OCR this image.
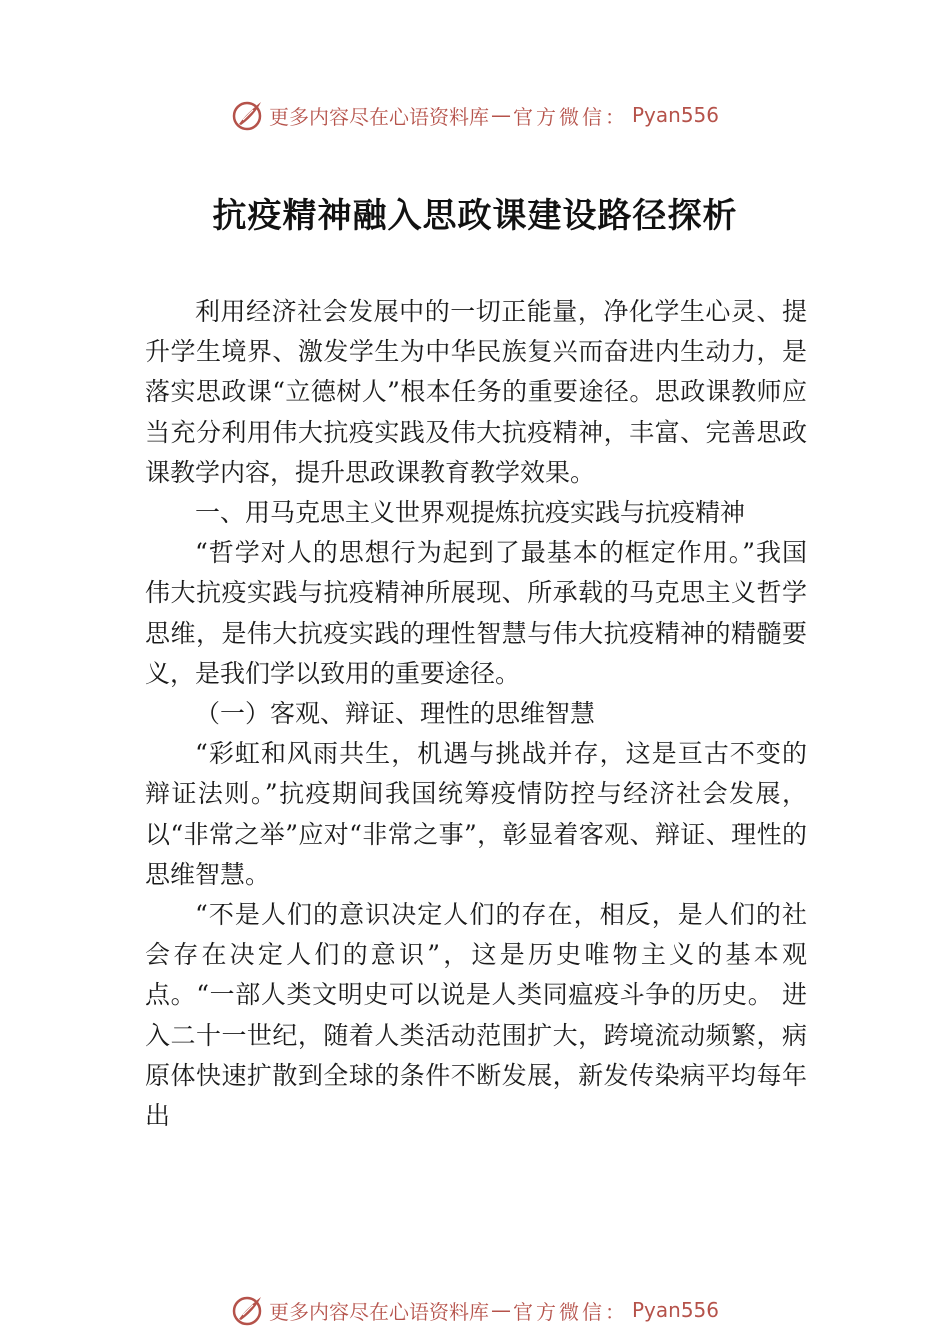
更多内容尽在心语资料库 — 官方微信： Pyan556
抗疫精神融入思政课建设路径探析

利用经济社会发展中的一切正能量，净化学生心灵、提升学生境界、激发学生为中华民族复兴而奋进内生动力，是落实思政课“立德树人”根本任务的重要途径。思政课教师应当充分利用伟大抗疫实践及伟大抗疫精神，丰富、完善思政课教学内容，提升思政课教育教学效果。

一、用马克思主义世界观提炼抗疫实践与抗疫精神

“哲学对人的思想行为起到了最基本的框定作用。”我国伟大抗疫实践与抗疫精神所展现、所承载的马克思主义哲学思维，是伟大抗疫实践的理性智慧与伟大抗疫精神的精髓要义，是我们学以致用的重要途径。

（一）客观、辩证、理性的思维智慧

“彩虹和风雨共生，机遇与挑战并存，这是亘古不变的辩证法则。”抗疫期间我国统筹疫情防控与经济社会发展，以“非常之举”应对“非常之事”，彰显着客观、辩证、理性的思维智慧。

“不是人们的意识决定人们的存在，相反，是人们的社会存在决定人们的意识”，这是历史唯物主义的基本观点。“一部人类文明史可以说是人类同瘟疫斗争的历史。 进 入二十一世纪，随着人类活动范围扩大，跨境流动频繁，病原体快速扩散到全球的条件不断发展，新发传染病平均每年出

更多内容尽在心语资料库 — 官方微信： Pyan556
